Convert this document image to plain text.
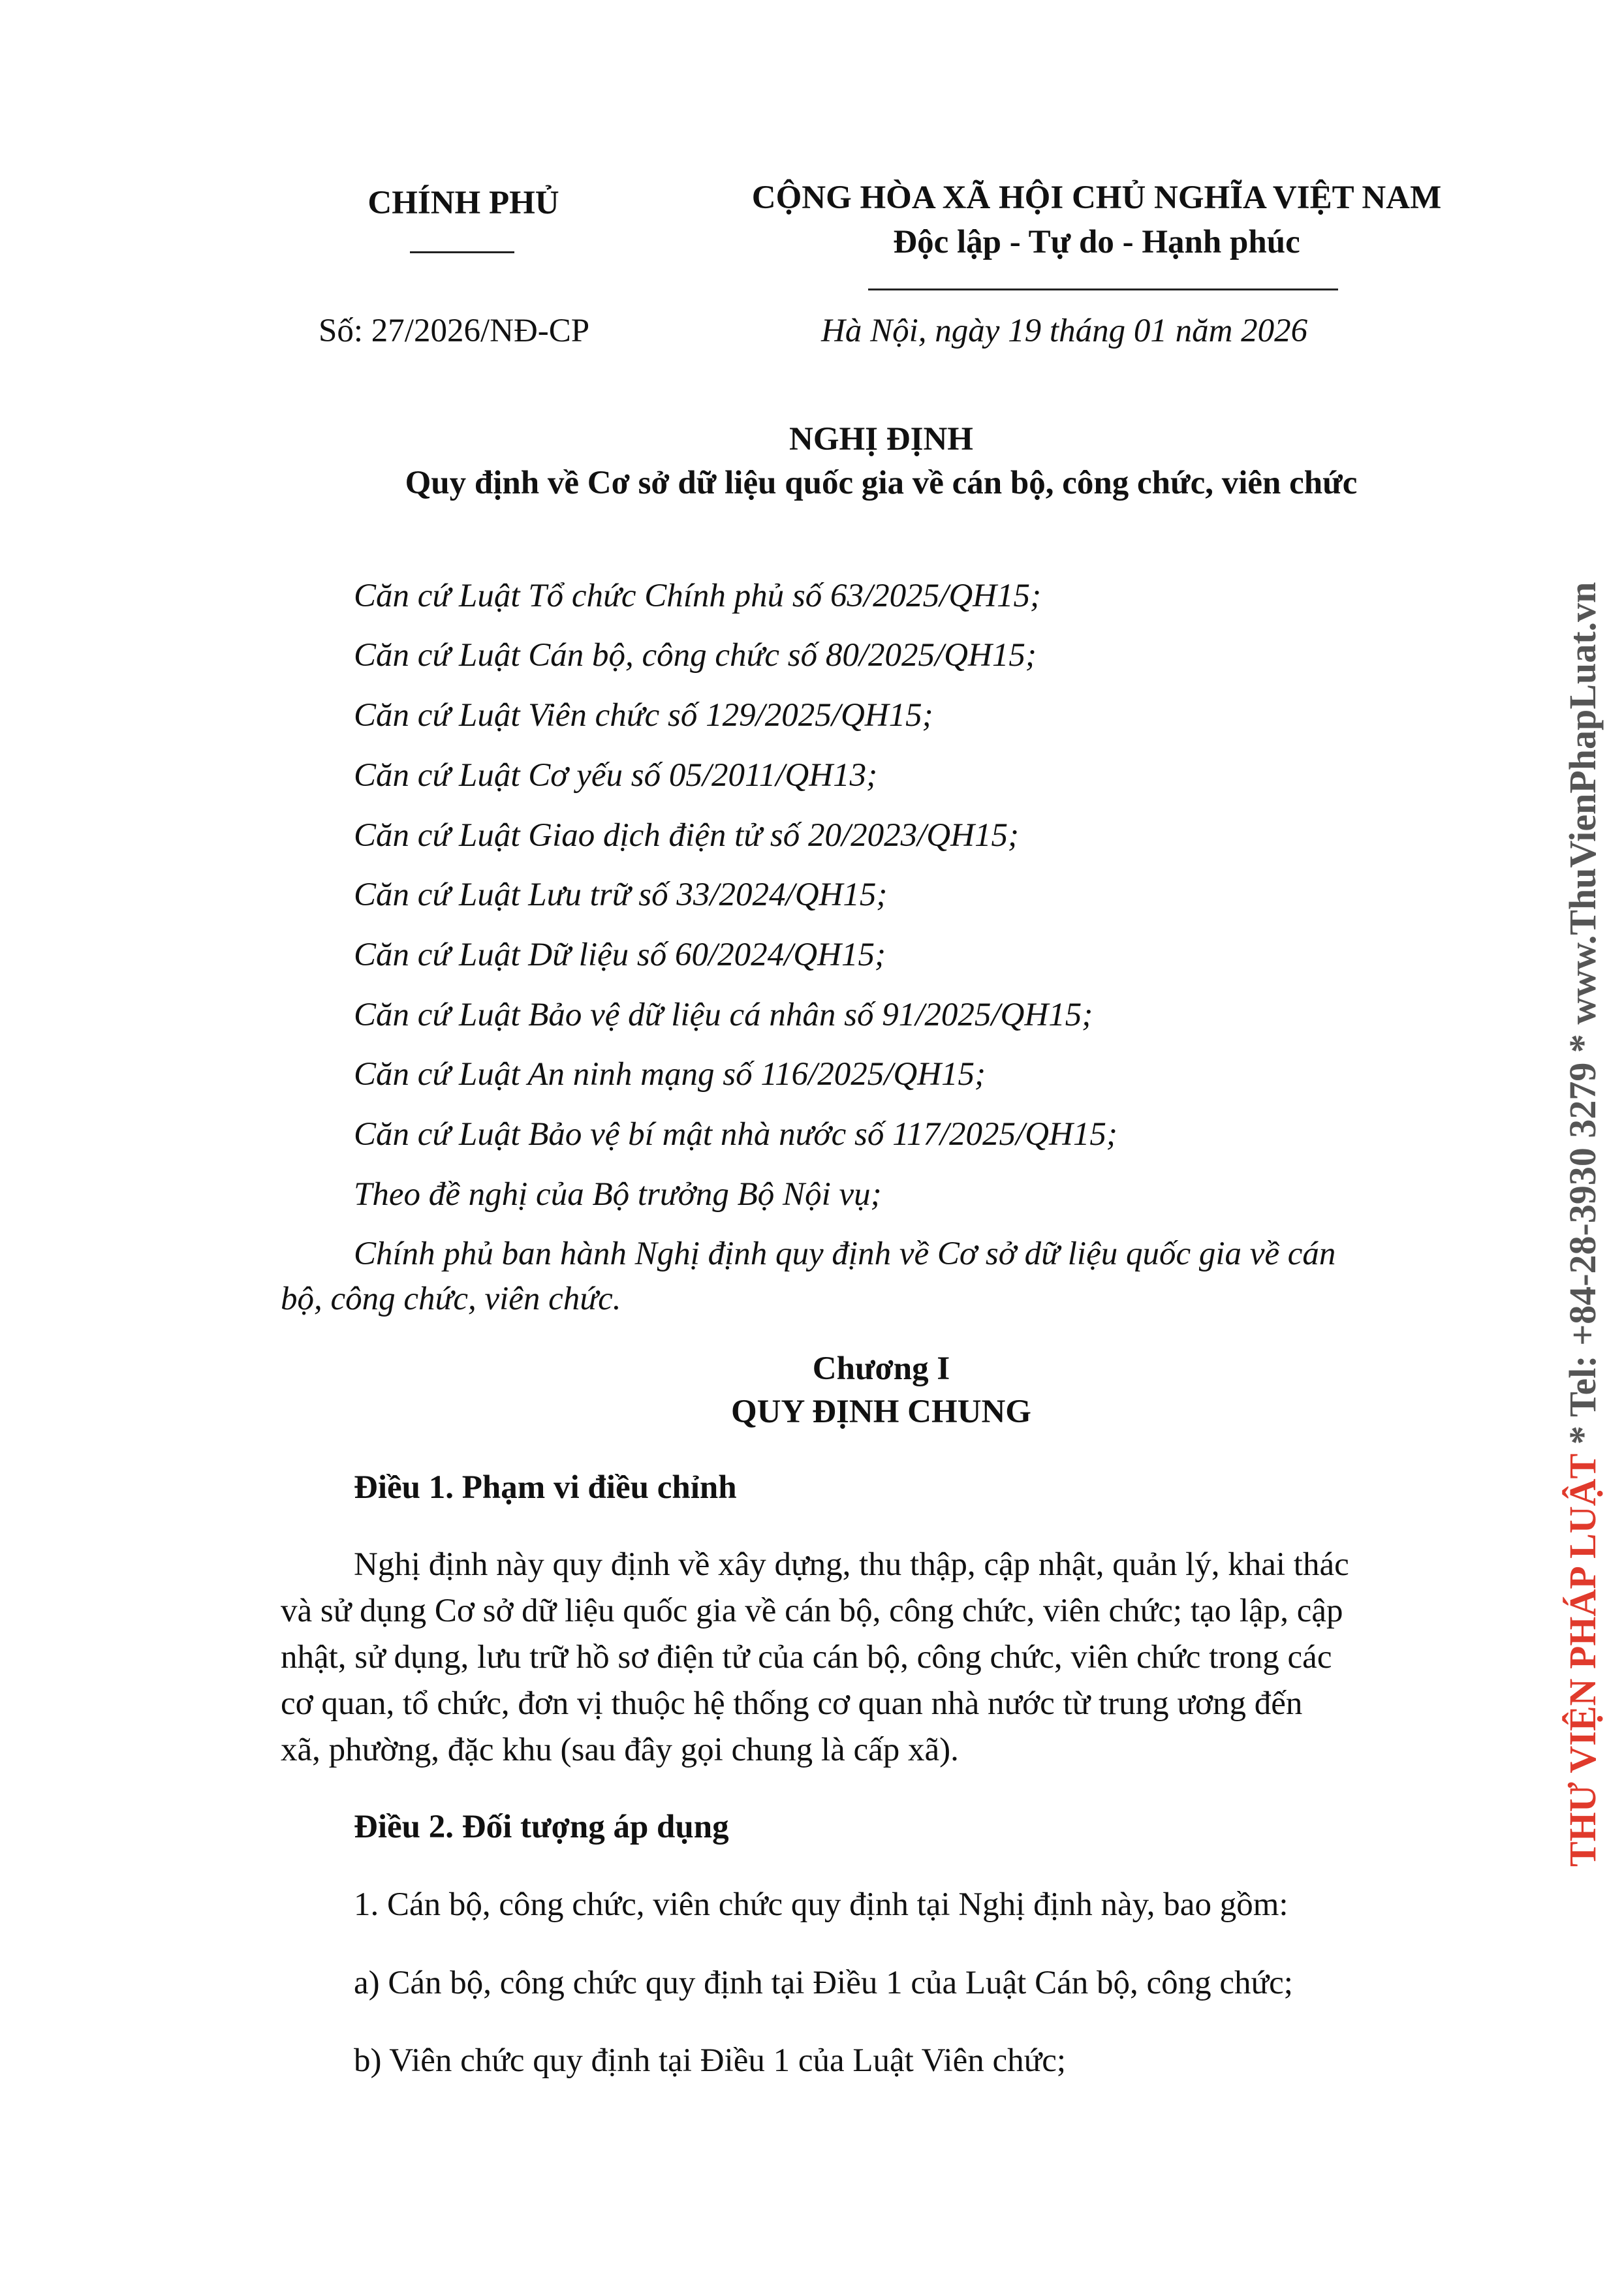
CHÍNH PHỦ	CỘNG HÒA XÃ HỘI CHỦ NGHĨA VIỆT NAM
Độc lập - Tự do - Hạnh phúc
Số: 27/2026/NĐ-CP	Hà Nội, ngày 19 tháng 01 năm 2026
NGHỊ ĐỊNH
Quy định về Cơ sở dữ liệu quốc gia về cán bộ, công chức, viên chức
Căn cứ Luật Tổ chức Chính phủ số 63/2025/QH15;
Căn cứ Luật Cán bộ, công chức số 80/2025/QH15;
Căn cứ Luật Viên chức số 129/2025/QH15;
Căn cứ Luật Cơ yếu số 05/2011/QH13;
Căn cứ Luật Giao dịch điện tử số 20/2023/QH15;
Căn cứ Luật Lưu trữ số 33/2024/QH15;
Căn cứ Luật Dữ liệu số 60/2024/QH15;
Căn cứ Luật Bảo vệ dữ liệu cá nhân số 91/2025/QH15;
Căn cứ Luật An ninh mạng số 116/2025/QH15;
Căn cứ Luật Bảo vệ bí mật nhà nước số 117/2025/QH15;
Theo đề nghị của Bộ trưởng Bộ Nội vụ;
Chính phủ ban hành Nghị định quy định về Cơ sở dữ liệu quốc gia về cán
bộ, công chức, viên chức.
Chương I
QUY ĐỊNH CHUNG
Điều 1. Phạm vi điều chỉnh
Nghị định này quy định về xây dựng, thu thập, cập nhật, quản lý, khai thác
và sử dụng Cơ sở dữ liệu quốc gia về cán bộ, công chức, viên chức; tạo lập, cập
nhật, sử dụng, lưu trữ hồ sơ điện tử của cán bộ, công chức, viên chức trong các
cơ quan, tổ chức, đơn vị thuộc hệ thống cơ quan nhà nước từ trung ương đến
xã, phường, đặc khu (sau đây gọi chung là cấp xã).
Điều 2. Đối tượng áp dụng
1. Cán bộ, công chức, viên chức quy định tại Nghị định này, bao gồm:
a) Cán bộ, công chức quy định tại Điều 1 của Luật Cán bộ, công chức;
b) Viên chức quy định tại Điều 1 của Luật Viên chức;
THƯ VIỆN PHÁP LUẬT * Tel: +84-28-3930 3279 * www.ThuVienPhapLuat.vn
